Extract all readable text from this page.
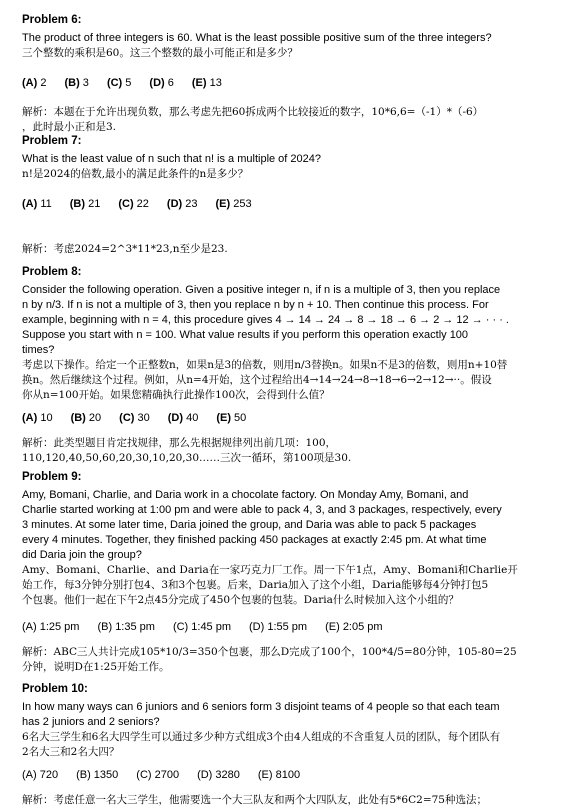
Problem 6:

The product of three integers is 60. What is the least possible positive sum of the three integers?

三个整数的乘积是60。这三个整数的最小可能正和是多少？

(A) 2 (B) 3 (C) 5 (D) 6 (E) 13

解析：本题在于允许出现负数，那么考虑先把60拆成两个比较接近的数字，10*6,6=（-1）*（-6）

，此时最小正和是3.

Problem 7:

What is the least value of n such that n! is a multiple of 2024?

n!是2024的倍数,最小的满足此条件的n是多少？

(A) 11 (B) 21 (C) 22 (D) 23 (E) 253

解析：考虑2024=2^3*11*23,n至少是23.

Problem 8:

Consider the following operation. Given a positive integer n, if n is a multiple of 3, then you replace

n by n/3. If n is not a multiple of 3, then you replace n by n + 10. Then continue this process. For

example, beginning with n = 4, this procedure gives 4 → 14 → 24 → 8 → 18 → 6 → 2 → 12 → · · · .

Suppose you start with n = 100. What value results if you perform this operation exactly 100

times?

考虑以下操作。给定一个正整数n，如果n是3的倍数，则用n/3替换n。如果n不是3的倍数，则用n+10替

换n。然后继续这个过程。例如，从n=4开始，这个过程给出4→14→24→8→18→6→2→12→··。假设

你从n=100开始。如果您精确执行此操作100次，会得到什么值？

(A) 10 (B) 20 (C) 30 (D) 40 (E) 50

解析：此类型题目肯定找规律，那么先根据规律列出前几项：100，

110,120,40,50,60,20,30,10,20,30……三次一循环，第100项是30.

Problem 9:

Amy, Bomani, Charlie, and Daria work in a chocolate factory. On Monday Amy, Bomani, and

Charlie started working at 1:00 pm and were able to pack 4, 3, and 3 packages, respectively, every

3 minutes. At some later time, Daria joined the group, and Daria was able to pack 5 packages

every 4 minutes. Together, they finished packing 450 packages at exactly 2:45 pm. At what time

did Daria join the group?

Amy、Bomani、Charlie、and Daria在一家巧克力厂工作。周一下午1点，Amy、Bomani和Charlie开

始工作，每3分钟分别打包4、3和3个包裹。后来，Daria加入了这个小组，Daria能够每4分钟打包5

个包裹。他们一起在下午2点45分完成了450个包裹的包装。Daria什么时候加入这个小组的？

(A) 1:25 pm (B) 1:35 pm (C) 1:45 pm (D) 1:55 pm (E) 2:05 pm

解析：ABC三人共计完成105*10/3=350个包裹，那么D完成了100个，100*4/5=80分钟，105-80=25

分钟，说明D在1:25开始工作。

Problem 10:

In how many ways can 6 juniors and 6 seniors form 3 disjoint teams of 4 people so that each team

has 2 juniors and 2 seniors?

6名大三学生和6名大四学生可以通过多少种方式组成3个由4人组成的不含重复人员的团队，每个团队有

2名大三和2名大四？

(A) 720 (B) 1350 (C) 2700 (D) 3280 (E) 8100

解析：考虑任意一名大三学生，他需要选一个大三队友和两个大四队友，此处有5*6C2=75种选法；
